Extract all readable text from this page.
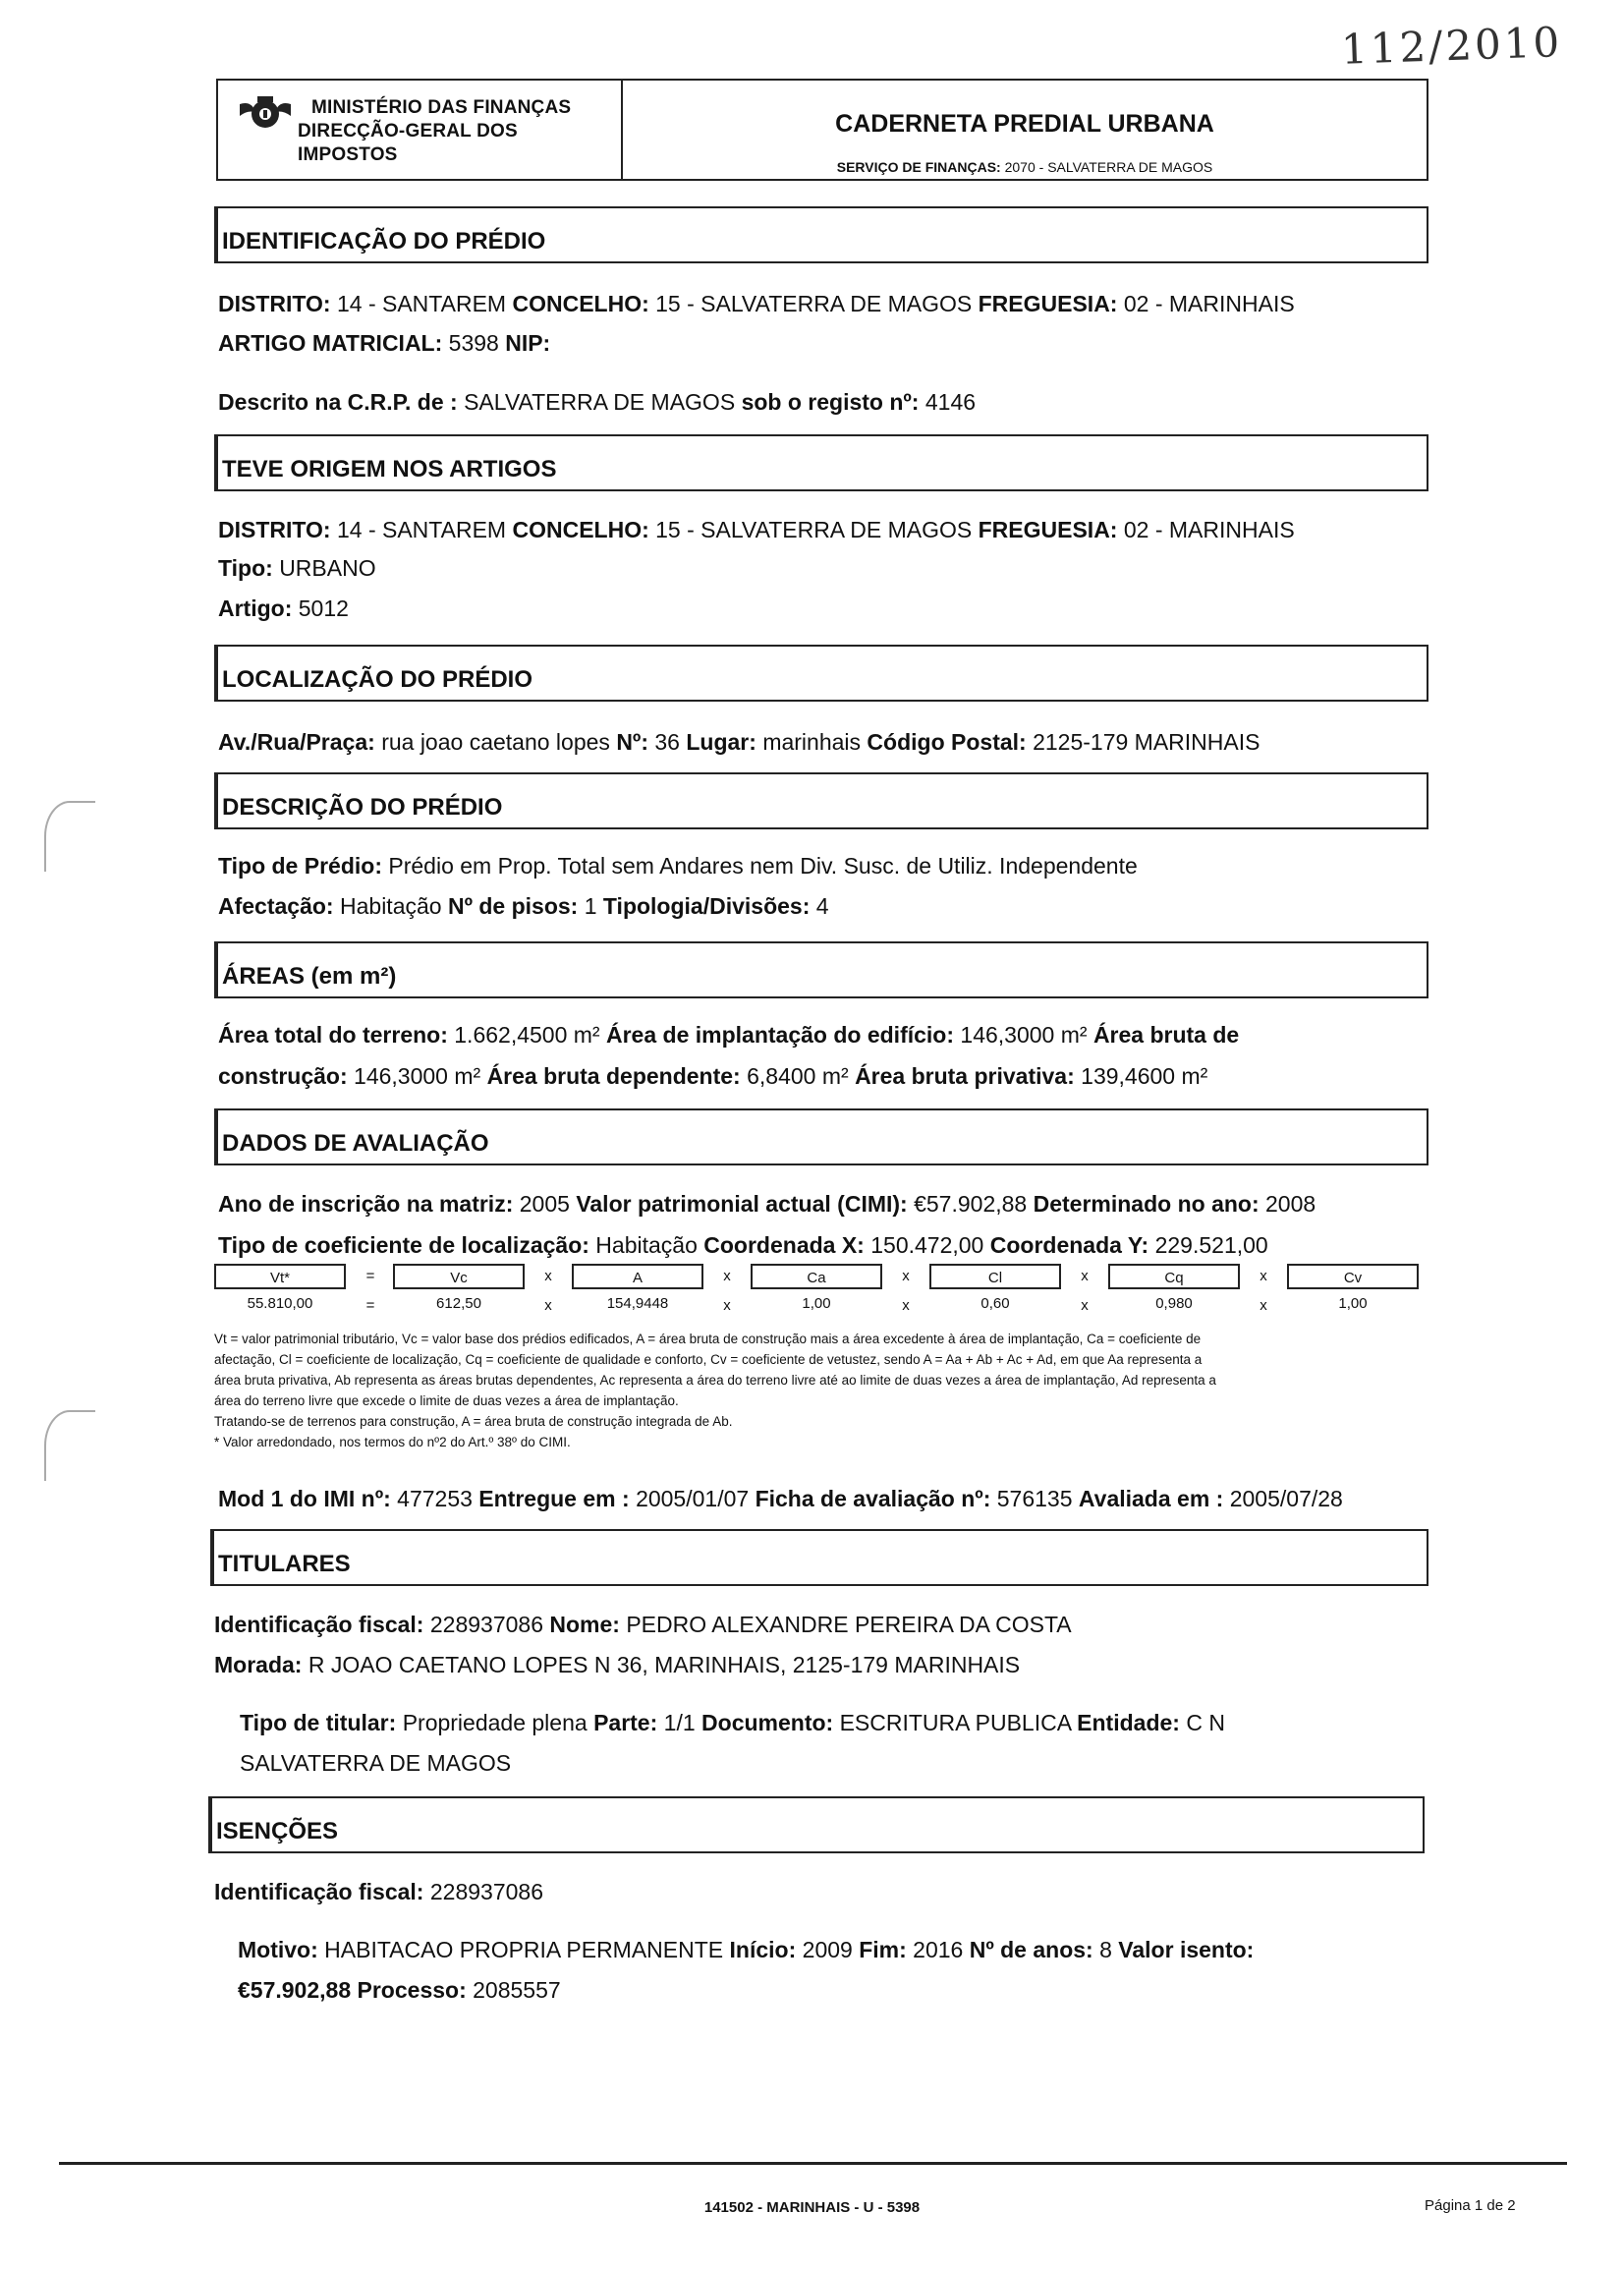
112/2010
MINISTÉRIO DAS FINANÇAS
DIRECÇÃO-GERAL DOS IMPOSTOS
CADERNETA PREDIAL URBANA
SERVIÇO DE FINANÇAS: 2070 - SALVATERRA DE MAGOS
IDENTIFICAÇÃO DO PRÉDIO
DISTRITO: 14 - SANTAREM CONCELHO: 15 - SALVATERRA DE MAGOS FREGUESIA: 02 - MARINHAIS
ARTIGO MATRICIAL: 5398 NIP:
Descrito na C.R.P. de : SALVATERRA DE MAGOS sob o registo nº: 4146
TEVE ORIGEM NOS ARTIGOS
DISTRITO: 14 - SANTAREM CONCELHO: 15 - SALVATERRA DE MAGOS FREGUESIA: 02 - MARINHAIS
Tipo: URBANO
Artigo: 5012
LOCALIZAÇÃO DO PRÉDIO
Av./Rua/Praça: rua joao caetano lopes Nº: 36 Lugar: marinhais Código Postal: 2125-179 MARINHAIS
DESCRIÇÃO DO PRÉDIO
Tipo de Prédio: Prédio em Prop. Total sem Andares nem Div. Susc. de Utiliz. Independente
Afectação: Habitação Nº de pisos: 1 Tipologia/Divisões: 4
ÁREAS (em m²)
Área total do terreno: 1.662,4500 m² Área de implantação do edifício: 146,3000 m² Área bruta de
construção: 146,3000 m² Área bruta dependente: 6,8400 m² Área bruta privativa: 139,4600 m²
DADOS DE AVALIAÇÃO
Ano de inscrição na matriz: 2005 Valor patrimonial actual (CIMI): €57.902,88 Determinado no ano: 2008
Tipo de coeficiente de localização: Habitação Coordenada X: 150.472,00 Coordenada Y: 229.521,00
Vt*	=	Vc	x	A	x	Ca	x	Cl	x	Cq	x	Cv
55.810,00	=	612,50	x	154,9448	x	1,00	x	0,60	x	0,980	x	1,00
Vt = valor patrimonial tributário, Vc = valor base dos prédios edificados, A = área bruta de construção mais a área excedente à área de implantação, Ca = coeficiente de
afectação, Cl = coeficiente de localização, Cq = coeficiente de qualidade e conforto, Cv = coeficiente de vetustez, sendo A = Aa + Ab + Ac + Ad, em que Aa representa a
área bruta privativa, Ab representa as áreas brutas dependentes, Ac representa a área do terreno livre até ao limite de duas vezes a área de implantação, Ad representa a
área do terreno livre que excede o limite de duas vezes a área de implantação.
Tratando-se de terrenos para construção, A = área bruta de construção integrada de Ab.
* Valor arredondado, nos termos do nº2 do Art.º 38º do CIMI.
Mod 1 do IMI nº: 477253 Entregue em : 2005/01/07 Ficha de avaliação nº: 576135 Avaliada em : 2005/07/28
TITULARES
Identificação fiscal: 228937086 Nome: PEDRO ALEXANDRE PEREIRA DA COSTA
Morada: R JOAO CAETANO LOPES N 36, MARINHAIS, 2125-179 MARINHAIS
Tipo de titular: Propriedade plena Parte: 1/1 Documento: ESCRITURA PUBLICA Entidade: C N
SALVATERRA DE MAGOS
ISENÇÕES
Identificação fiscal: 228937086
Motivo: HABITACAO PROPRIA PERMANENTE Início: 2009 Fim: 2016 Nº de anos: 8 Valor isento:
€57.902,88 Processo: 2085557
141502 - MARINHAIS - U - 5398	Página 1 de 2
